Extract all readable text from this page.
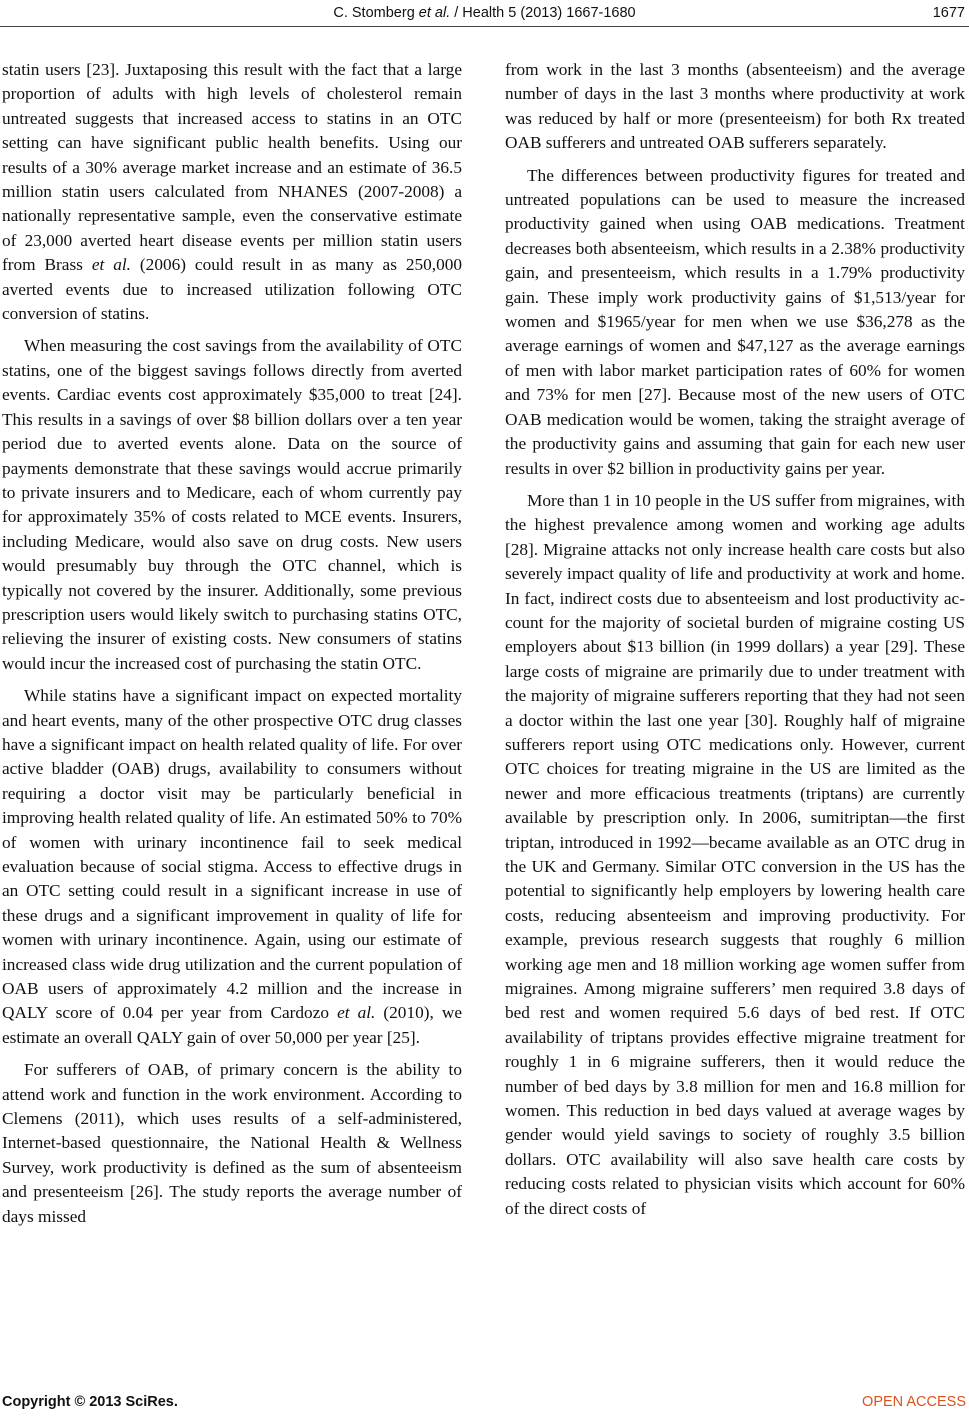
C. Stomberg et al. / Health 5 (2013) 1667-1680	1677

statin users [23]. Juxtaposing this result with the fact that a large proportion of adults with high levels of cholesterol remain untreated suggests that increased access to statins in an OTC setting can have significant public health benefits. Using our results of a 30% average market increase and an estimate of 36.5 million statin users calculated from NHANES (2007-2008) a nationally representative sample, even the conservative estimate of 23,000 averted heart disease events per million statin users from Brass et al. (2006) could result in as many as 250,000 averted events due to increased utilization following OTC conversion of statins.

When measuring the cost savings from the availability of OTC statins, one of the biggest savings follows directly from averted events. Cardiac events cost approximately $35,000 to treat [24]. This results in a savings of over $8 billion dollars over a ten year period due to averted events alone. Data on the source of payments demonstrate that these savings would accrue primarily to private insurers and to Medicare, each of whom currently pay for approximately 35% of costs related to MCE events. Insurers, including Medicare, would also save on drug costs. New users would presumably buy through the OTC channel, which is typically not covered by the insurer. Additionally, some previous prescription users would likely switch to purchasing statins OTC, relieving the insurer of existing costs. New consumers of statins would incur the increased cost of purchasing the statin OTC.

While statins have a significant impact on expected mortality and heart events, many of the other prospective OTC drug classes have a significant impact on health related quality of life. For over active bladder (OAB) drugs, availability to consumers without requiring a doctor visit may be particularly beneficial in improving health related quality of life. An estimated 50% to 70% of women with urinary incontinence fail to seek medical evaluation because of social stigma. Access to effective drugs in an OTC setting could result in a significant increase in use of these drugs and a significant improvement in quality of life for women with urinary incontinence. Again, using our estimate of increased class wide drug utilization and the current population of OAB users of approximately 4.2 million and the increase in QALY score of 0.04 per year from Cardozo et al. (2010), we estimate an overall QALY gain of over 50,000 per year [25].

For sufferers of OAB, of primary concern is the ability to attend work and function in the work environment. According to Clemens (2011), which uses results of a self-administered, Internet-based questionnaire, the National Health & Wellness Survey, work productivity is defined as the sum of absenteeism and presenteeism [26]. The study reports the average number of days missed

from work in the last 3 months (absenteeism) and the average number of days in the last 3 months where productivity at work was reduced by half or more (presenteeism) for both Rx treated OAB sufferers and untreated OAB sufferers separately.

The differences between productivity figures for treated and untreated populations can be used to measure the increased productivity gained when using OAB medications. Treatment decreases both absenteeism, which results in a 2.38% productivity gain, and presenteeism, which results in a 1.79% productivity gain. These imply work productivity gains of $1,513/year for women and $1965/year for men when we use $36,278 as the average earnings of women and $47,127 as the average earnings of men with labor market participation rates of 60% for women and 73% for men [27]. Because most of the new users of OTC OAB medication would be women, taking the straight average of the productivity gains and assuming that gain for each new user results in over $2 billion in productivity gains per year.

More than 1 in 10 people in the US suffer from migraines, with the highest prevalence among women and working age adults [28]. Migraine attacks not only increase health care costs but also severely impact quality of life and productivity at work and home. In fact, indirect costs due to absenteeism and lost productivity account for the majority of societal burden of migraine costing US employers about $13 billion (in 1999 dollars) a year [29]. These large costs of migraine are primarily due to under treatment with the majority of migraine sufferers reporting that they had not seen a doctor within the last one year [30]. Roughly half of migraine sufferers report using OTC medications only. However, current OTC choices for treating migraine in the US are limited as the newer and more efficacious treatments (triptans) are currently available by prescription only. In 2006, sumitriptan—the first triptan, introduced in 1992—became available as an OTC drug in the UK and Germany. Similar OTC conversion in the US has the potential to significantly help employers by lowering health care costs, reducing absenteeism and improving productivity. For example, previous research suggests that roughly 6 million working age men and 18 million working age women suffer from migraines. Among migraine sufferers’ men required 3.8 days of bed rest and women required 5.6 days of bed rest. If OTC availability of triptans provides effective migraine treatment for roughly 1 in 6 migraine sufferers, then it would reduce the number of bed days by 3.8 million for men and 16.8 million for women. This reduction in bed days valued at average wages by gender would yield savings to society of roughly 3.5 billion dollars. OTC availability will also save health care costs by reducing costs related to physician visits which account for 60% of the direct costs of

Copyright © 2013 SciRes.	OPEN ACCESS
